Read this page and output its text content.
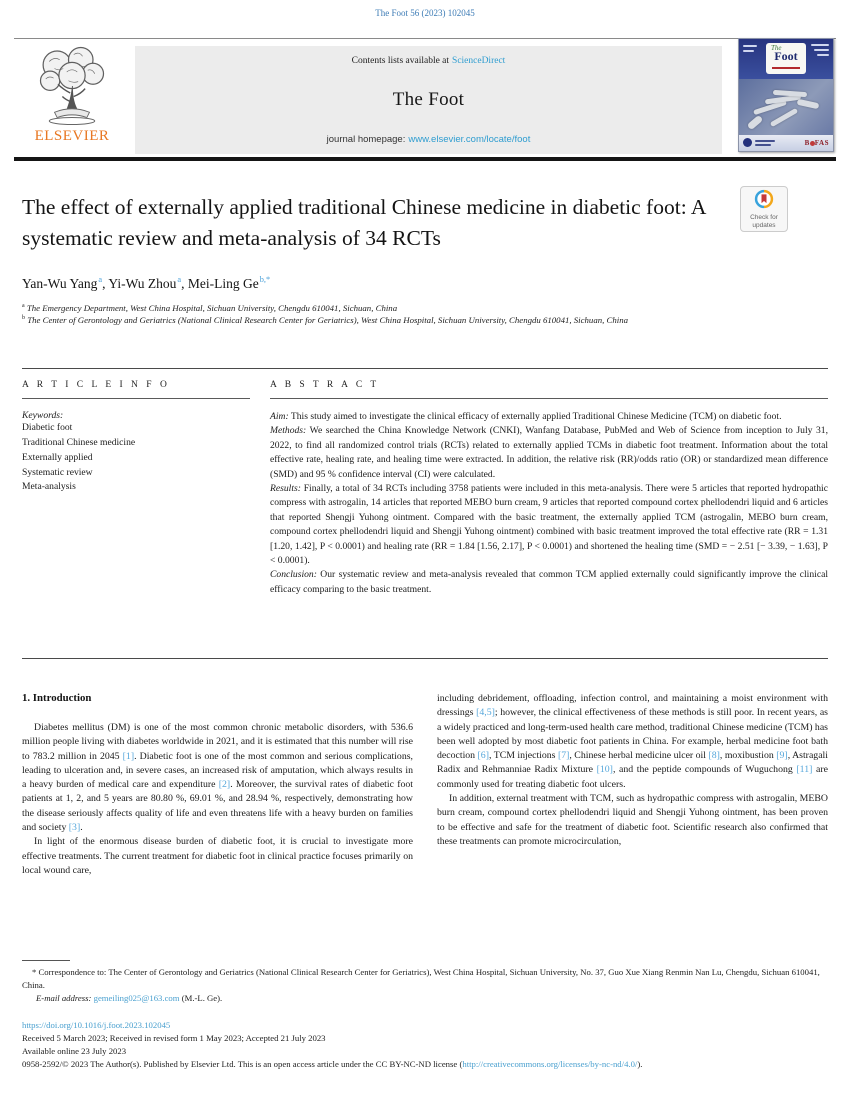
The Foot 56 (2023) 102045
ELSEVIER
Contents lists available at ScienceDirect
The Foot
journal homepage: www.elsevier.com/locate/foot
The
Foot
B FAS
The effect of externally applied traditional Chinese medicine in diabetic foot: A systematic review and meta-analysis of 34 RCTs
Check for
updates
Yan-Wu Yang$^a$, Yi-Wu Zhou$^a$, Mei-Ling $Ge^{b,*}$
$^a$ The Emergency Department, West China Hospital, Sichuan University, Chengdu 610041, Sichuan, China
$^b$ The Center of Gerontology and Geriatrics (National Clinical Research Center for Geriatrics), West China Hospital, Sichuan University, Chengdu 610041, Sichuan, China
A R T I C L E I N F O
Keywords:
Diabetic foot
Traditional Chinese medicine
Externally applied
Systematic review
Meta-analysis
A B S T R A C T

Aim: This study aimed to investigate the clinical efficacy of externally applied Traditional Chinese Medicine (TCM) on diabetic foot.

Methods: We searched the China Knowledge Network (CNKI), Wanfang Database, PubMed and Web of Science from inception to July 31, 2022, to find all randomized control trials (RCTs) related to externally applied TCMs in diabetic foot treatment. Information about the total effective rate, healing rate, and healing time were extracted. In addition, the relative risk (RR)/odds ratio (OR) or standardized mean difference (SMD) and 95 % confidence interval (CI) were calculated.

Results: Finally, a total of 34 RCTs including 3758 patients were included in this meta-analysis. There were 5 articles that reported hydropathic compress with astrogalin, 14 articles that reported MEBO burn cream, 9 articles that reported compound cortex phellodendri liquid and 6 articles that reported Shengji Yuhong ointment. Compared with the basic treatment, the externally applied TCM (astrogalin, MEBO burn cream, compound cortex phellodendri liquid and Shengji Yuhong ointment) combined with basic treatment improved the total effective rate (RR = 1.31 [1.20, 1.42], P < 0.0001) and healing rate (RR = 1.84 [1.56, 2.17], P < 0.0001) and shortened the healing time (SMD = − 2.51 [− 3.39, − 1.63], P < 0.0001).

Conclusion: Our systematic review and meta-analysis revealed that common TCM applied externally could significantly improve the clinical efficacy comparing to the basic treatment.

1. Introduction

Diabetes mellitus (DM) is one of the most common chronic metabolic disorders, with 536.6 million people living with diabetes worldwide in 2021, and it is estimated that this number will rise to 783.2 million in 2045 [1]. Diabetic foot is one of the most common and serious complications, leading to ulceration and, in severe cases, an increased risk of amputation, which always results in a heavy burden of medical care and expenditure [2]. Moreover, the survival rates of diabetic foot patients at 1, 2, and 5 years are 80.80 %, 69.01 %, and 28.94 %, respectively, demonstrating how the disease seriously affects quality of life and even threatens life with a heavy burden on families and society [3].

In light of the enormous disease burden of diabetic foot, it is crucial to investigate more effective treatments. The current treatment for diabetic foot in clinical practice focuses primarily on local wound care,

including debridement, offloading, infection control, and maintaining a moist environment with dressings [4,5]; however, the clinical effectiveness of these methods is still poor. In recent years, as a widely practiced and long-term-used health care method, traditional Chinese medicine (TCM) has been well adopted by most diabetic foot patients in China. For example, herbal medicine foot bath decoction [6], TCM injections [7], Chinese herbal medicine ulcer oil [8], moxibustion [9], Astragali Radix and Rehmanniae Radix Mixture [10], and the peptide compounds of Wuguchong [11] are commonly used for treating diabetic foot ulcers.

In addition, external treatment with TCM, such as hydropathic compress with astrogalin, MEBO burn cream, compound cortex phellodendri liquid and Shengji Yuhong ointment, has been proven to be effective and safe for the treatment of diabetic foot. Scientific research also confirmed that these treatments can promote microcirculation,

* Correspondence to: The Center of Gerontology and Geriatrics (National Clinical Research Center for Geriatrics), West China Hospital, Sichuan University, No. 37, Guo Xue Xiang Renmin Nan Lu, Chengdu, Sichuan 610041, China.
E-mail address: gemeiling025@163.com (M.-L. Ge).
https://doi.org/10.1016/j.foot.2023.102045
Received 5 March 2023; Received in revised form 1 May 2023; Accepted 21 July 2023
Available online 23 July 2023
0958-2592/© 2023 The Author(s). Published by Elsevier Ltd. This is an open access article under the CC BY-NC-ND license (http://creativecommons.org/licenses/by-nc-nd/4.0/).
